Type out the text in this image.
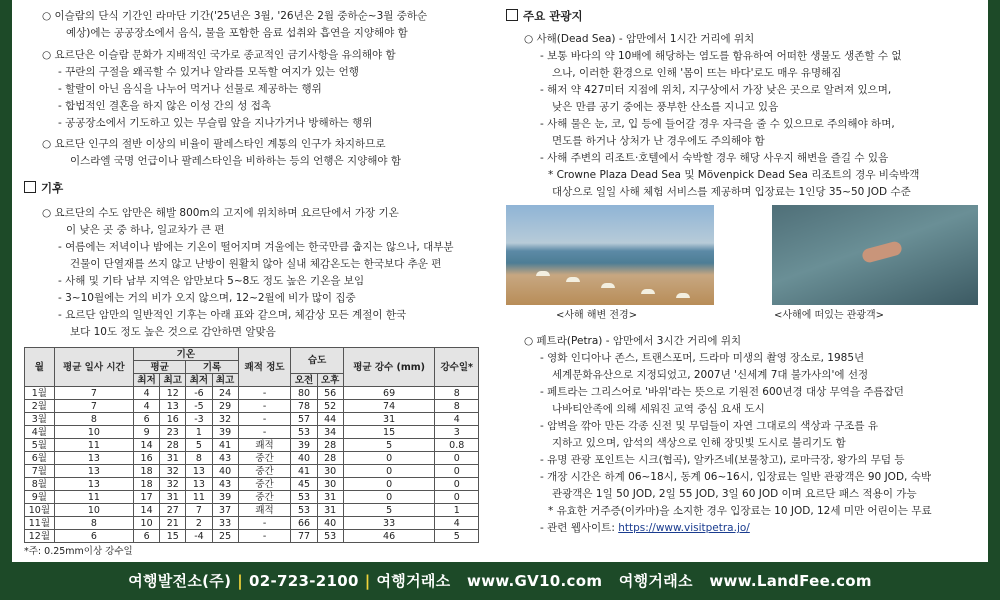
○ 이슬람의 단식 기간인 라마단 기간('25년은 3월, '26년은 2월 중하순~3월 중하순
예상)에는 공공장소에서 음식, 물을 포함한 음료 섭취와 흡연을 지양해야 함
○ 요르단은 이슬람 문화가 지배적인 국가로 종교적인 금기사항을 유의해야 함
- 꾸란의 구절을 왜곡할 수 있거나 알라를 모독할 여지가 있는 언행
- 할랄이 아닌 음식을 나누어 먹거나 선물로 제공하는 행위
- 합법적인 결혼을 하지 않은 이성 간의 성 접촉
- 공공장소에서 기도하고 있는 무슬림 앞을 지나가거나 방해하는 행위
○ 요르단 인구의 절반 이상의 비율이 팔레스타인 계통의 인구가 차지하므로
이스라엘 국명 언급이나 팔레스타인을 비하하는 등의 언행은 지양해야 함
기후
○ 요르단의 수도 암만은 해발 800m의 고지에 위치하며 요르단에서 가장 기온
이 낮은 곳 중 하나, 일교차가 큰 편
- 여름에는 저녁이나 밤에는 기온이 떨어지며 겨울에는 한국만큼 춥지는 않으나, 대부분
건물이 단열재를 쓰지 않고 난방이 원활치 않아 실내 체감온도는 한국보다 추운 편
- 사해 및 기타 남부 지역은 암만보다 5~8도 정도 높은 기온을 보임
- 3~10월에는 거의 비가 오지 않으며, 12~2월에 비가 많이 집중
- 요르단 암만의 일반적인 기후는 아래 표와 같으며, 체감상 모든 계절이 한국
보다 10도 정도 높은 것으로 감안하면 알맞음
월	평균 일사 시간	기온				쾌적 정도	습도		평균 강수 (mm)	강수일*
		평균		기록						
		최저	최고	최저	최고		오전	오후		
1월	7	4	12	-6	24	-	80	56	69	8
2월	7	4	13	-5	29	-	78	52	74	8
3월	8	6	16	-3	32	-	57	44	31	4
4월	10	9	23	1	39	-	53	34	15	3
5월	11	14	28	5	41	쾌적	39	28	5	0.8
6월	13	16	31	8	43	중간	40	28	0	0
7월	13	18	32	13	40	중간	41	30	0	0
8월	13	18	32	13	43	중간	45	30	0	0
9월	11	17	31	11	39	중간	53	31	0	0
10월	10	14	27	7	37	쾌적	53	31	5	1
11월	8	10	21	2	33	-	66	40	33	4
12월	6	6	15	-4	25	-	77	53	46	5
*주: 0.25mm이상 강수일
주요 관광지
○ 사해(Dead Sea) - 암만에서 1시간 거리에 위치
- 보통 바다의 약 10배에 해당하는 염도를 함유하여 어떠한 생물도 생존할 수 없
으나, 이러한 환경으로 인해 '몸이 뜨는 바다'로도 매우 유명해짐
- 해저 약 427미터 지점에 위치, 지구상에서 가장 낮은 곳으로 알려져 있으며,
낮은 만큼 공기 중에는 풍부한 산소를 지니고 있음
- 사해 물은 눈, 코, 입 등에 들어갈 경우 자극을 줄 수 있으므로 주의해야 하며,
면도를 하거나 상처가 난 경우에도 주의해야 함
- 사해 주변의 리조트·호텔에서 숙박할 경우 해당 사우지 해변을 즐길 수 있음
* Crowne Plaza Dead Sea 및 Mövenpick Dead Sea 리조트의 경우 비숙박객
대상으로 일일 사해 체험 서비스를 제공하며 입장료는 1인당 35~50 JOD 수준
<사해 해변 전경>	<사해에 떠있는 관광객>
○ 페트라(Petra) - 암만에서 3시간 거리에 위치
- 영화 인디아나 존스, 트랜스포머, 드라마 미생의 촬영 장소로, 1985년
세계문화유산으로 지정되었고, 2007년 '신세계 7대 불가사의'에 선정
- 페트라는 그리스어로 '바위'라는 뜻으로 기원전 600년경 대상 무역을 주름잡던
나바티안족에 의해 세워진 교역 중심 요새 도시
- 암벽을 깎아 만든 각종 신전 및 무덤들이 자연 그대로의 색상과 구조를 유
지하고 있으며, 암석의 색상으로 인해 장밋빛 도시로 불리기도 함
- 유명 관광 포인트는 시크(협곡), 알카즈네(보물창고), 로마극장, 왕가의 무덤 등
- 개장 시간은 하계 06~18시, 동계 06~16시, 입장료는 일반 관광객은 90 JOD, 숙박
관광객은 1일 50 JOD, 2일 55 JOD, 3일 60 JOD 이며 요르단 패스 적용이 가능
* 유효한 거주증(이카마)을 소지한 경우 입장료는 10 JOD, 12세 미만 어린이는 무료
- 관련 웹사이트: https://www.visitpetra.jo/
여행발전소(주) | 02-723-2100 | 여행거래소 www.GV10.com 여행거래소 www.LandFee.com
